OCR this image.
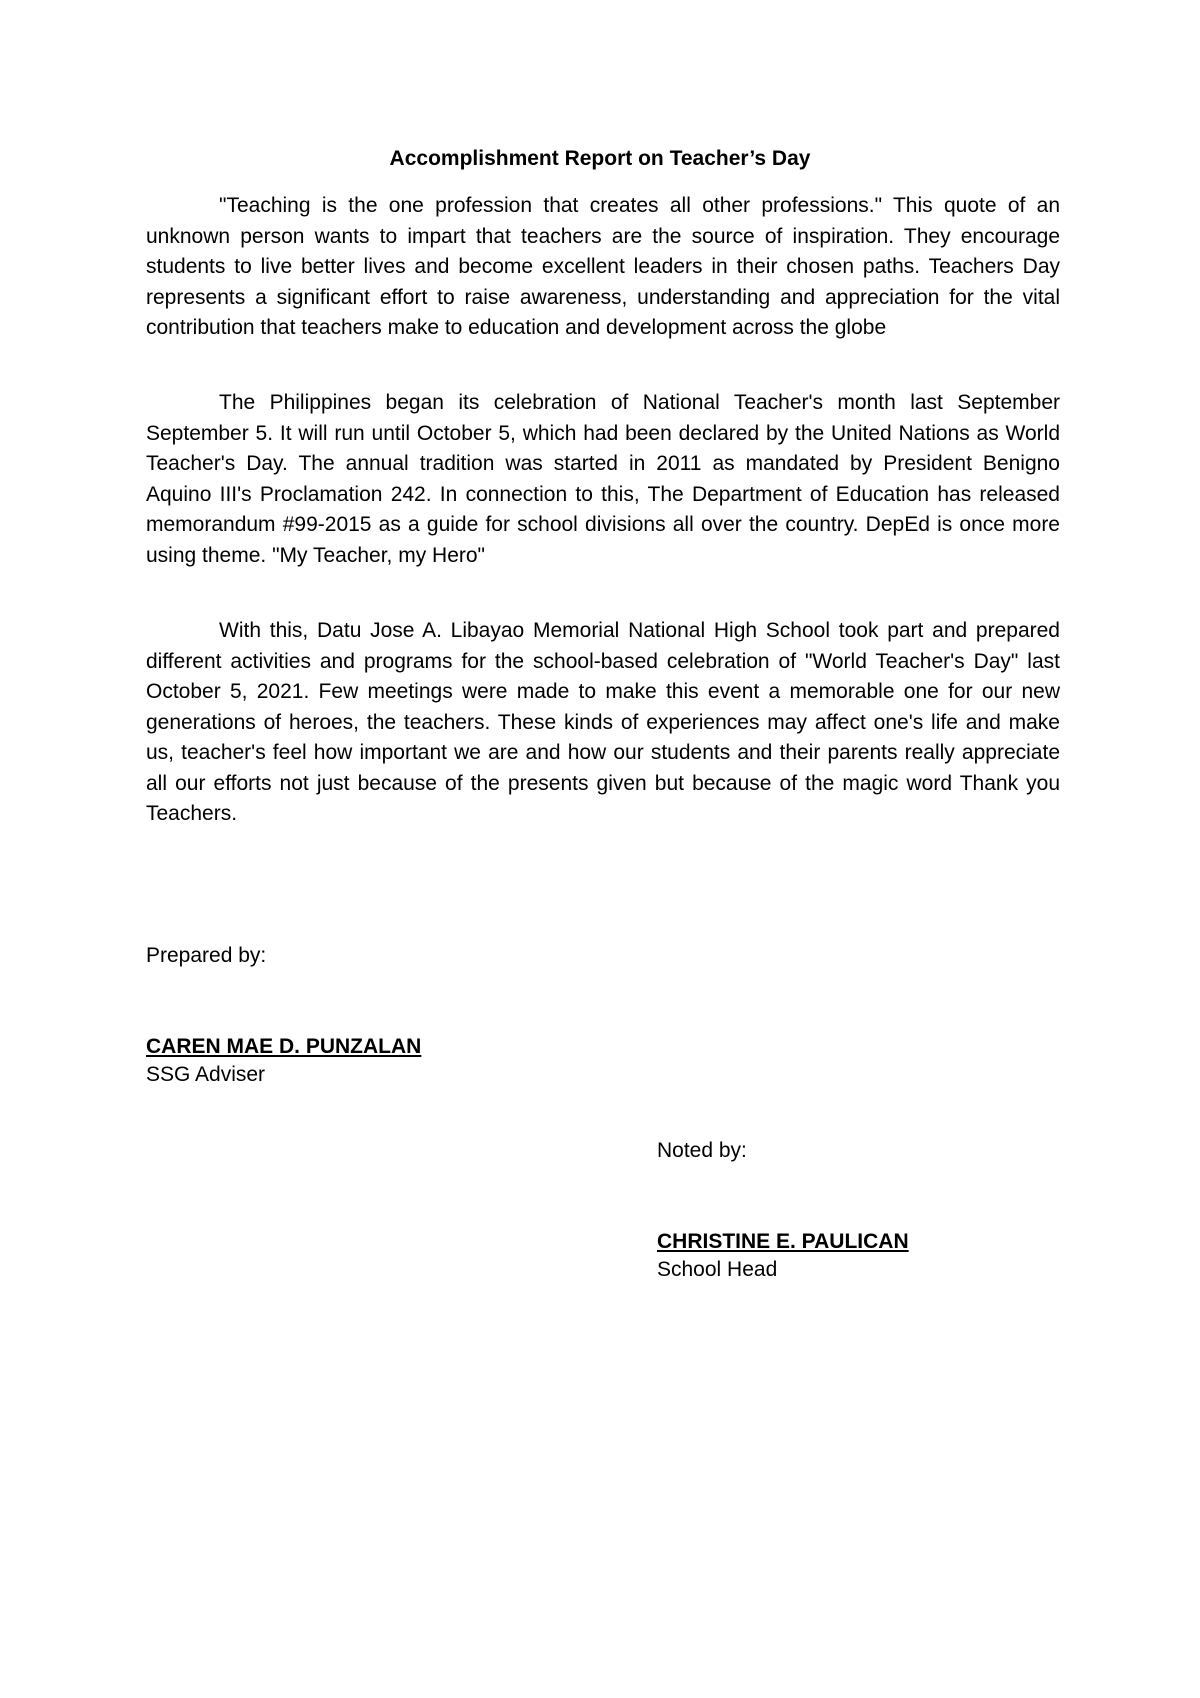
Accomplishment Report on Teacher’s Day

"Teaching is the one profession that creates all other professions." This quote of an unknown person wants to impart that teachers are the source of inspiration. They encourage students to live better lives and become excellent leaders in their chosen paths. Teachers Day represents a significant effort to raise awareness, understanding and appreciation for the vital contribution that teachers make to education and development across the globe

The Philippines began its celebration of National Teacher's month last September September 5. It will run until October 5, which had been declared by the United Nations as World Teacher's Day. The annual tradition was started in 2011 as mandated by President Benigno Aquino III's Proclamation 242. In connection to this, The Department of Education has released memorandum #99-2015 as a guide for school divisions all over the country. DepEd is once more using theme. "My Teacher, my Hero"

With this, Datu Jose A. Libayao Memorial National High School took part and prepared different activities and programs for the school-based celebration of "World Teacher's Day" last October 5, 2021. Few meetings were made to make this event a memorable one for our new generations of heroes, the teachers. These kinds of experiences may affect one's life and make us, teacher's feel how important we are and how our students and their parents really appreciate all our efforts not just because of the presents given but because of the magic word Thank you Teachers.

Prepared by:
CAREN MAE D. PUNZALAN
SSG Adviser
Noted by:
CHRISTINE E. PAULICAN
School Head
